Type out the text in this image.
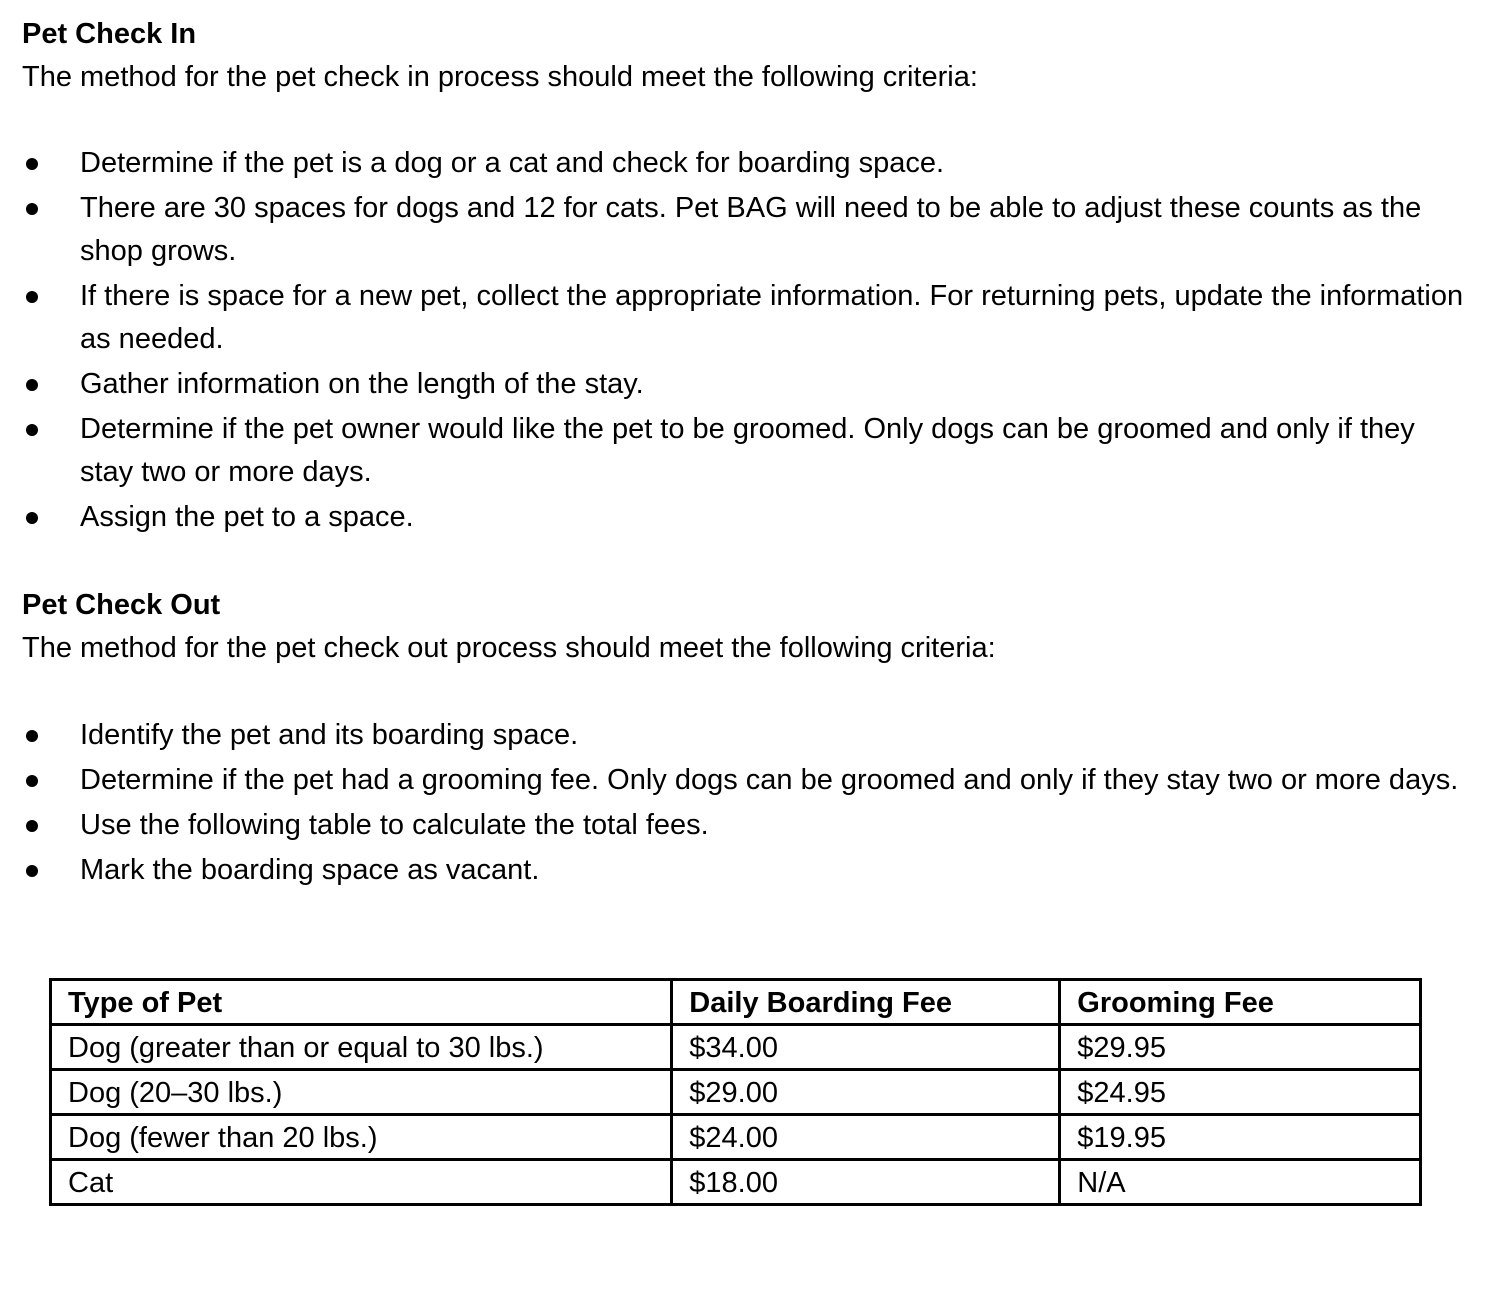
Pet Check In
The method for the pet check in process should meet the following criteria:
Determine if the pet is a dog or a cat and check for boarding space.
There are 30 spaces for dogs and 12 for cats. Pet BAG will need to be able to adjust these counts as the shop grows.
If there is space for a new pet, collect the appropriate information. For returning pets, update the information as needed.
Gather information on the length of the stay.
Determine if the pet owner would like the pet to be groomed. Only dogs can be groomed and only if they stay two or more days.
Assign the pet to a space.
Pet Check Out
The method for the pet check out process should meet the following criteria:
Identify the pet and its boarding space.
Determine if the pet had a grooming fee. Only dogs can be groomed and only if they stay two or more days.
Use the following table to calculate the total fees.
Mark the boarding space as vacant.
Type of Pet	Daily Boarding Fee	Grooming Fee
Dog (greater than or equal to 30 lbs.)	$34.00	$29.95
Dog (20–30 lbs.)	$29.00	$24.95
Dog (fewer than 20 lbs.)	$24.00	$19.95
Cat	$18.00	N/A
